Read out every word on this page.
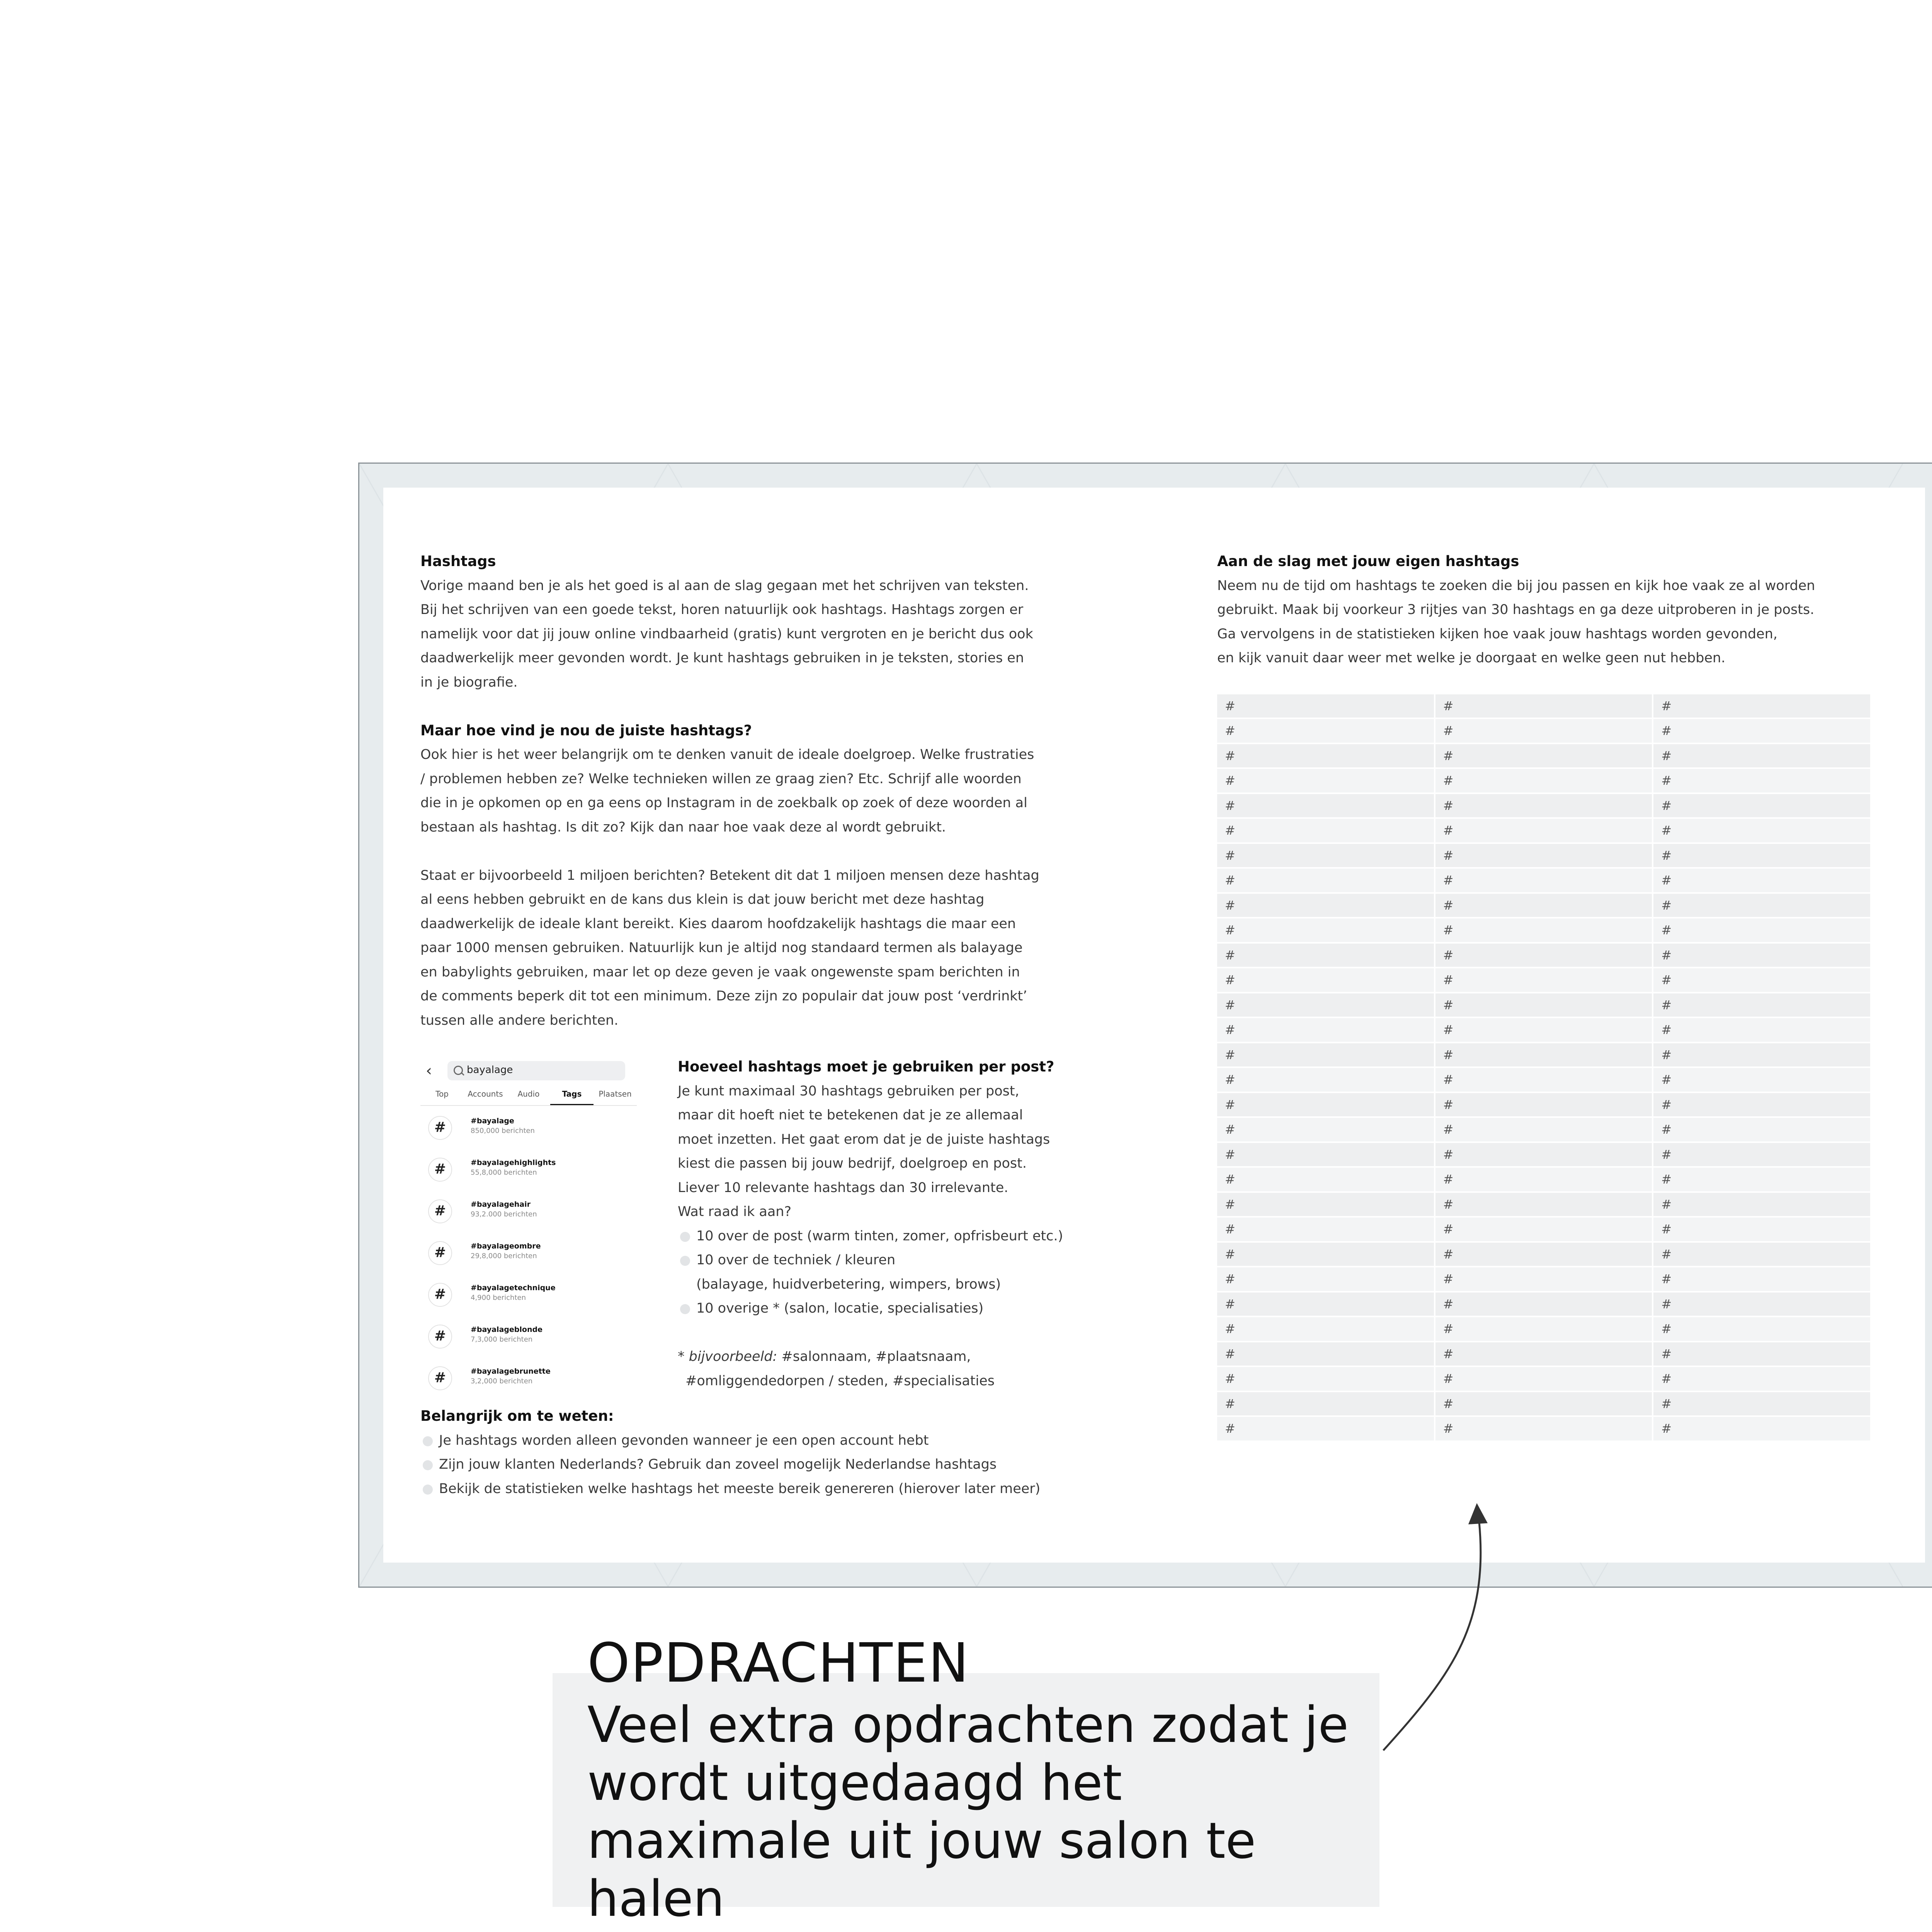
Hashtags
Vorige maand ben je als het goed is al aan de slag gegaan met het schrijven van teksten.
Bij het schrijven van een goede tekst, horen natuurlijk ook hashtags. Hashtags zorgen er
namelijk voor dat jij jouw online vindbaarheid (gratis) kunt vergroten en je bericht dus ook
daadwerkelijk meer gevonden wordt. Je kunt hashtags gebruiken in je teksten, stories en
in je biografie.
Maar hoe vind je nou de juiste hashtags?
Ook hier is het weer belangrijk om te denken vanuit de ideale doelgroep. Welke frustraties
/ problemen hebben ze? Welke technieken willen ze graag zien? Etc. Schrijf alle woorden
die in je opkomen op en ga eens op Instagram in de zoekbalk op zoek of deze woorden al
bestaan als hashtag. Is dit zo? Kijk dan naar hoe vaak deze al wordt gebruikt.
Staat er bijvoorbeeld 1 miljoen berichten? Betekent dit dat 1 miljoen mensen deze hashtag
al eens hebben gebruikt en de kans dus klein is dat jouw bericht met deze hashtag
daadwerkelijk de ideale klant bereikt. Kies daarom hoofdzakelijk hashtags die maar een
paar 1000 mensen gebruiken. Natuurlijk kun je altijd nog standaard termen als balayage
en babylights gebruiken, maar let op deze geven je vaak ongewenste spam berichten in
de comments beperk dit tot een minimum. Deze zijn zo populair dat jouw post ‘verdrinkt’
tussen alle andere berichten.
‹	bayalage
Top	Accounts	Audio	Tags	Plaatsen
#	#bayalage
850,000 berichten
#	#bayalagehighlights
55,8,000 berichten
#	#bayalagehair
93,2.000 berichten
#	#bayalageombre
29,8,000 berichten
#	#bayalagetechnique
4,900 berichten
#	#bayalageblonde
7,3,000 berichten
#	#bayalagebrunette
3,2,000 berichten
Hoeveel hashtags moet je gebruiken per post?
Je kunt maximaal 30 hashtags gebruiken per post,
maar dit hoeft niet te betekenen dat je ze allemaal
moet inzetten. Het gaat erom dat je de juiste hashtags
kiest die passen bij jouw bedrijf, doelgroep en post.
Liever 10 relevante hashtags dan 30 irrelevante.
Wat raad ik aan?
10 over de post (warm tinten, zomer, opfrisbeurt etc.)
10 over de techniek / kleuren
(balayage, huidverbetering, wimpers, brows)
10 overige * (salon, locatie, specialisaties)
* bijvoorbeeld: #salonnaam, #plaatsnaam,
#omliggendedorpen / steden, #specialisaties
Belangrijk om te weten:
Je hashtags worden alleen gevonden wanneer je een open account hebt
Zijn jouw klanten Nederlands? Gebruik dan zoveel mogelijk Nederlandse hashtags
Bekijk de statistieken welke hashtags het meeste bereik genereren (hierover later meer)
Aan de slag met jouw eigen hashtags
Neem nu de tijd om hashtags te zoeken die bij jou passen en kijk hoe vaak ze al worden
gebruikt. Maak bij voorkeur 3 rijtjes van 30 hashtags en ga deze uitproberen in je posts.
Ga vervolgens in de statistieken kijken hoe vaak jouw hashtags worden gevonden,
en kijk vanuit daar weer met welke je doorgaat en welke geen nut hebben.
#	#	#
#	#	#
#	#	#
#	#	#
#	#	#
#	#	#
#	#	#
#	#	#
#	#	#
#	#	#
#	#	#
#	#	#
#	#	#
#	#	#
#	#	#
#	#	#
#	#	#
#	#	#
#	#	#
#	#	#
#	#	#
#	#	#
#	#	#
#	#	#
#	#	#
#	#	#
#	#	#
#	#	#
#	#	#
#	#	#
OPDRACHTEN
Veel extra opdrachten zodat je wordt uitgedaagd het maximale uit jouw salon te halen
